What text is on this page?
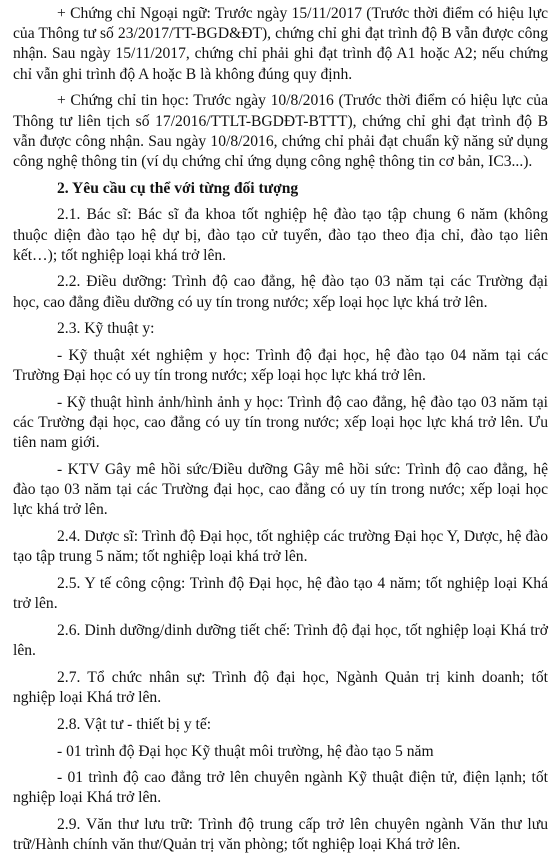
+ Chứng chỉ Ngoại ngữ: Trước ngày 15/11/2017 (Trước thời điểm có hiệu lực của Thông tư số 23/2017/TT-BGD&ĐT), chứng chỉ ghi đạt trình độ B vẫn được công nhận. Sau ngày 15/11/2017, chứng chỉ phải ghi đạt trình độ A1 hoặc A2; nếu chứng chỉ vẫn ghi trình độ A hoặc B là không đúng quy định.

+ Chứng chỉ tin học: Trước ngày 10/8/2016 (Trước thời điểm có hiệu lực của Thông tư liên tịch số 17/2016/TTLT-BGDĐT-BTTT), chứng chỉ ghi đạt trình độ B vẫn được công nhận. Sau ngày 10/8/2016, chứng chỉ phải đạt chuẩn kỹ năng sử dụng công nghệ thông tin (ví dụ chứng chỉ ứng dụng công nghệ thông tin cơ bản, IC3...).

2. Yêu cầu cụ thể với từng đối tượng

2.1. Bác sĩ: Bác sĩ đa khoa tốt nghiệp hệ đào tạo tập chung 6 năm (không thuộc diện đào tạo hệ dự bị, đào tạo cử tuyển, đào tạo theo địa chỉ, đào tạo liên kết…); tốt nghiệp loại khá trở lên.

2.2. Điều dưỡng: Trình độ cao đẳng, hệ đào tạo 03 năm tại các Trường đại học, cao đẳng điều dưỡng có uy tín trong nước; xếp loại học lực khá trở lên.

2.3. Kỹ thuật y:

- Kỹ thuật xét nghiệm y học: Trình độ đại học, hệ đào tạo 04 năm tại các Trường Đại học có uy tín trong nước; xếp loại học lực khá trở lên.

- Kỹ thuật hình ảnh/hình ảnh y học: Trình độ cao đẳng, hệ đào tạo 03 năm tại các Trường đại học, cao đẳng có uy tín trong nước; xếp loại học lực khá trở lên. Ưu tiên nam giới.

- KTV Gây mê hồi sức/Điều dưỡng Gây mê hồi sức: Trình độ cao đẳng, hệ đào tạo 03 năm tại các Trường đại học, cao đẳng có uy tín trong nước; xếp loại học lực khá trở lên.

2.4. Dược sĩ: Trình độ Đại học, tốt nghiệp các trường Đại học Y, Dược, hệ đào tạo tập trung 5 năm; tốt nghiệp loại khá trở lên.

2.5. Y tế công cộng: Trình độ Đại học, hệ đào tạo 4 năm; tốt nghiệp loại Khá trở lên.

2.6. Dinh dưỡng/dinh dưỡng tiết chế: Trình độ đại học, tốt nghiệp loại Khá trở lên.

2.7. Tổ chức nhân sự: Trình độ đại học, Ngành Quản trị kinh doanh; tốt nghiệp loại Khá trở lên.

2.8. Vật tư - thiết bị y tế:

- 01 trình độ Đại học Kỹ thuật môi trường, hệ đào tạo 5 năm

- 01 trình độ cao đẳng trở lên chuyên ngành Kỹ thuật điện tử, điện lạnh; tốt nghiệp loại Khá trở lên.

2.9. Văn thư lưu trữ: Trình độ trung cấp trở lên chuyên ngành Văn thư lưu trữ/Hành chính văn thư/Quản trị văn phòng; tốt nghiệp loại Khá trở lên.
